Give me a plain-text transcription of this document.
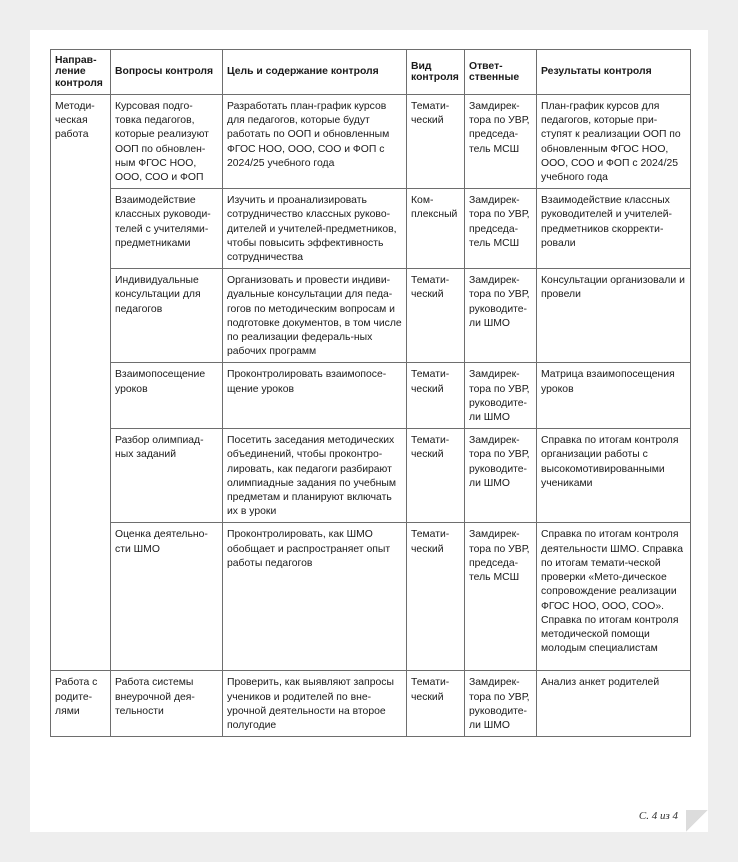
Направ-ление контроля	Вопросы контроля	Цель и содержание контроля	Вид контроля	Ответ-ственные	Результаты контроля
Методи-ческая работа	Курсовая подго-товка педагогов, которые реализуют ООП по обновлен-ным ФГОС НОО, ООО, СОО и ФОП	Разработать план-график курсов для педагогов, которые будут работать по ООП и обновленным ФГОС НОО, ООО, СОО и ФОП с 2024/25 учебного года	Темати-ческий	Замдирек-тора по УВР, председа-тель МСШ	План-график курсов для педагогов, которые при-ступят к реализации ООП по обновленным ФГОС НОО, ООО, СОО и ФОП с 2024/25 учебного года
	Взаимодействие классных руководи-телей с учителями-предметниками	Изучить и проанализировать сотрудничество классных руково-дителей и учителей-предметников, чтобы повысить эффективность сотрудничества	Ком-плексный	Замдирек-тора по УВР, председа-тель МСШ	Взаимодействие классных руководителей и учителей-предметников скорректи-ровали
	Индивидуальные консультации для педагогов	Организовать и провести индиви-дуальные консультации для педа-гогов по методическим вопросам и подготовке документов, в том числе по реализации федераль-ных рабочих программ	Темати-ческий	Замдирек-тора по УВР, руководите-ли ШМО	Консультации организовали и провели
	Взаимопосещение уроков	Проконтролировать взаимопосе-щение уроков	Темати-ческий	Замдирек-тора по УВР, руководите-ли ШМО	Матрица взаимопосещения уроков
	Разбор олимпиад-ных заданий	Посетить заседания методических объединений, чтобы проконтро-лировать, как педагоги разбирают олимпиадные задания по учебным предметам и планируют включать их в уроки	Темати-ческий	Замдирек-тора по УВР, руководите-ли ШМО	Справка по итогам контроля организации работы с высокомотивированными учениками
	Оценка деятельно-сти ШМО	Проконтролировать, как ШМО обобщает и распространяет опыт работы педагогов	Темати-ческий	Замдирек-тора по УВР, председа-тель МСШ	Справка по итогам контроля деятельности ШМО. Справка по итогам темати-ческой проверки «Мето-дическое сопровождение реализации ФГОС НОО, ООО, СОО». Справка по итогам контроля методической помощи молодым специалистам
Работа с родите-лями	Работа системы внеурочной дея-тельности	Проверить, как выявляют запросы учеников и родителей по вне-урочной деятельности на второе полугодие	Темати-ческий	Замдирек-тора по УВР, руководите-ли ШМО	Анализ анкет родителей
С. 4 из 4
